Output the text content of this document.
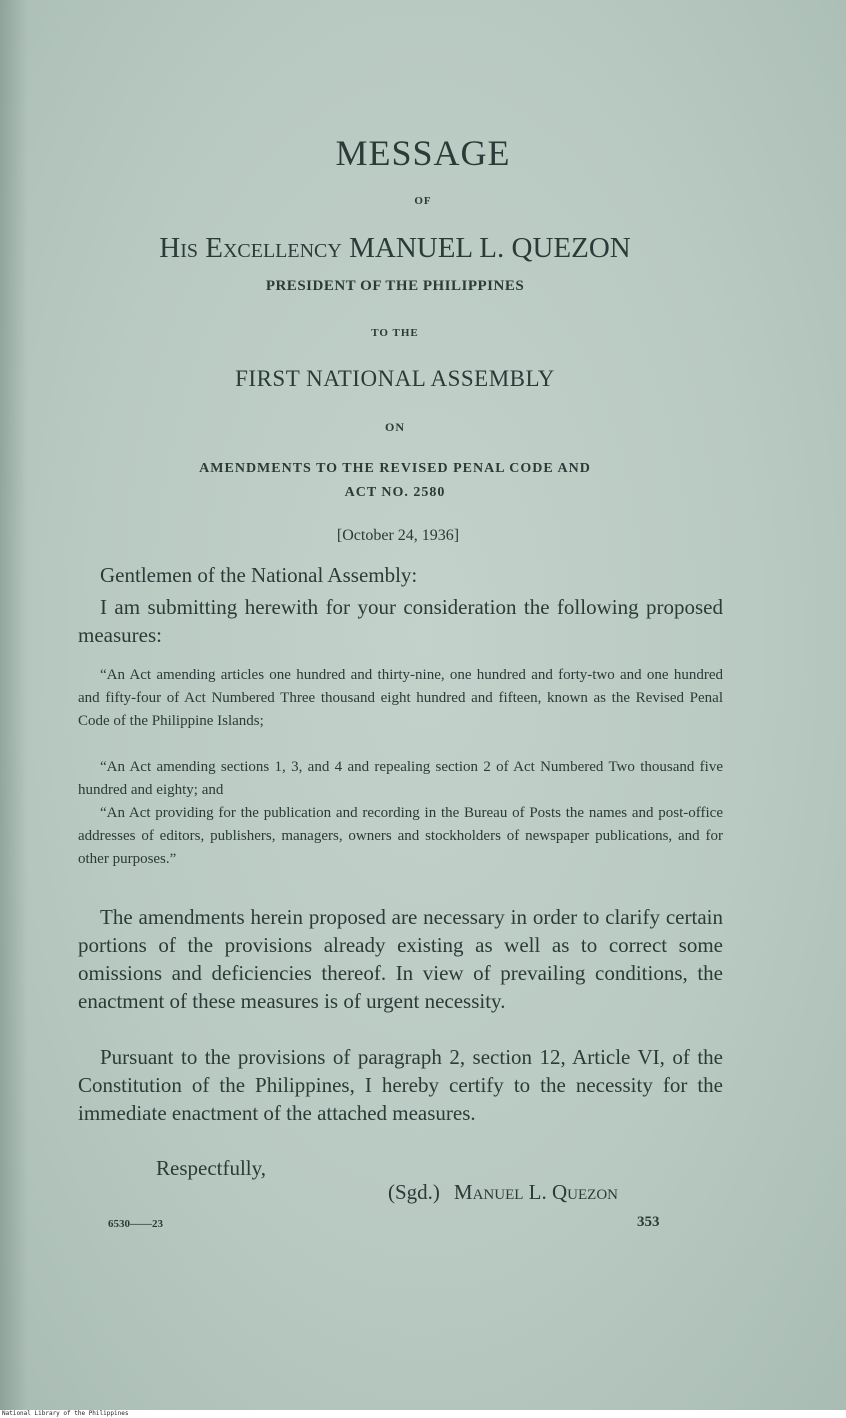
MESSAGE
OF
His Excellency MANUEL L. QUEZON
PRESIDENT OF THE PHILIPPINES
TO THE
FIRST NATIONAL ASSEMBLY
ON
AMENDMENTS TO THE REVISED PENAL CODE AND
ACT NO. 2580
[October 24, 1936]

Gentlemen of the National Assembly:

I am submitting herewith for your consideration the following proposed measures:

“An Act amending articles one hundred and thirty-nine, one hundred and forty-two and one hundred and fifty-four of Act Numbered Three thousand eight hundred and fifteen, known as the Revised Penal Code of the Philippine Islands;

“An Act amending sections 1, 3, and 4 and repealing section 2 of Act Numbered Two thousand five hundred and eighty; and

“An Act providing for the publication and recording in the Bureau of Posts the names and post-office addresses of editors, publishers, managers, owners and stockholders of newspaper publications, and for other purposes.”

The amendments herein proposed are necessary in order to clarify certain portions of the provisions already existing as well as to correct some omissions and deficiencies thereof. In view of prevailing conditions, the enactment of these measures is of urgent necessity.

Pursuant to the provisions of paragraph 2, section 12, Article VI, of the Constitution of the Philippines, I hereby certify to the necessity for the immediate enactment of the attached measures.

Respectfully,
(Sgd.) Manuel L. Quezon
6530——23	353
National Library of the Philippines
